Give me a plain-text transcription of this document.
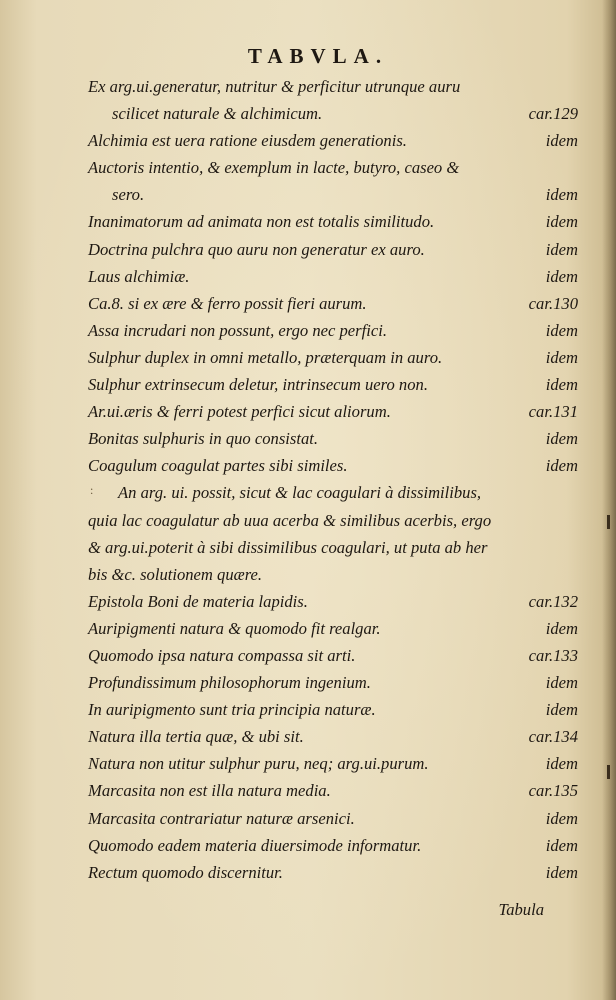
TABVLA.
Ex arg.ui.generatur, nutritur & perficitur utrunque auru
scilicet naturale & alchimicum.	car.129
Alchimia est uera ratione eiusdem generationis.	idem
Auctoris intentio, & exemplum in lacte, butyro, caseo &
sero.	idem
Inanimatorum ad animata non est totalis similitudo.	idem
Doctrina pulchra quo auru non generatur ex auro.	idem
Laus alchimiæ.	idem
Ca.8. si ex ære & ferro possit fieri aurum.	car.130
Assa incrudari non possunt, ergo nec perfici.	idem
Sulphur duplex in omni metallo, præterquam in auro.	idem
Sulphur extrinsecum deletur, intrinsecum uero non.	idem
Ar.ui.æris & ferri potest perfici sicut aliorum.	car.131
Bonitas sulphuris in quo consistat.	idem
Coagulum coagulat partes sibi similes.	idem
An arg. ui. possit, sicut & lac coagulari à dissimilibus,
quia lac coagulatur ab uua acerba & similibus acerbis, ergo
& arg.ui.poterit à sibi dissimilibus coagulari, ut puta ab her
bis &c. solutionem quære.
Epistola Boni de materia lapidis.	car.132
Auripigmenti natura & quomodo fit realgar.	idem
Quomodo ipsa natura compassa sit arti.	car.133
Profundissimum philosophorum ingenium.	idem
In auripigmento sunt tria principia naturæ.	idem
Natura illa tertia quæ, & ubi sit.	car.134
Natura non utitur sulphur puru, neq; arg.ui.purum.	idem
Marcasita non est illa natura media.	car.135
Marcasita contrariatur naturæ arsenici.	idem
Quomodo eadem materia diuersimode informatur.	idem
Rectum quomodo discernitur.	idem
:
Tabula
